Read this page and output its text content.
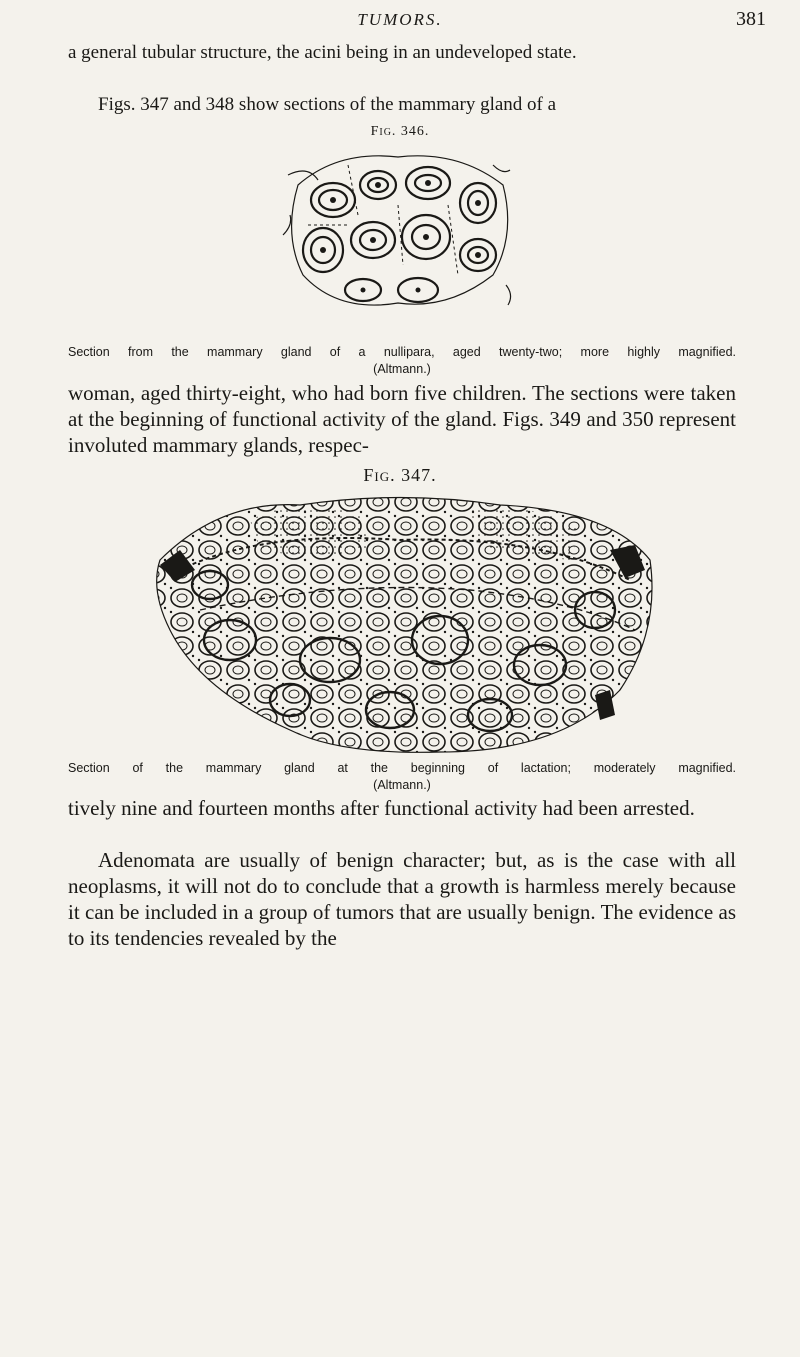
TUMORS.	381

a general tubular structure, the acini being in an undeveloped state.

Figs. 347 and 348 show sections of the mammary gland of a

Fig. 346.

Section from the mammary gland of a nullipara, aged twenty-two; more highly magnified.
(Altmann.)

woman, aged thirty-eight, who had born five children. The sections were taken at the beginning of functional activity of the gland. Figs. 349 and 350 represent involuted mammary glands, respec-

Fig. 347.

Section of the mammary gland at the beginning of lactation; moderately magnified.
(Altmann.)

tively nine and fourteen months after functional activity had been arrested.

Adenomata are usually of benign character; but, as is the case with all neoplasms, it will not do to conclude that a growth is harmless merely because it can be included in a group of tumors that are usually benign. The evidence as to its tendencies revealed by the
